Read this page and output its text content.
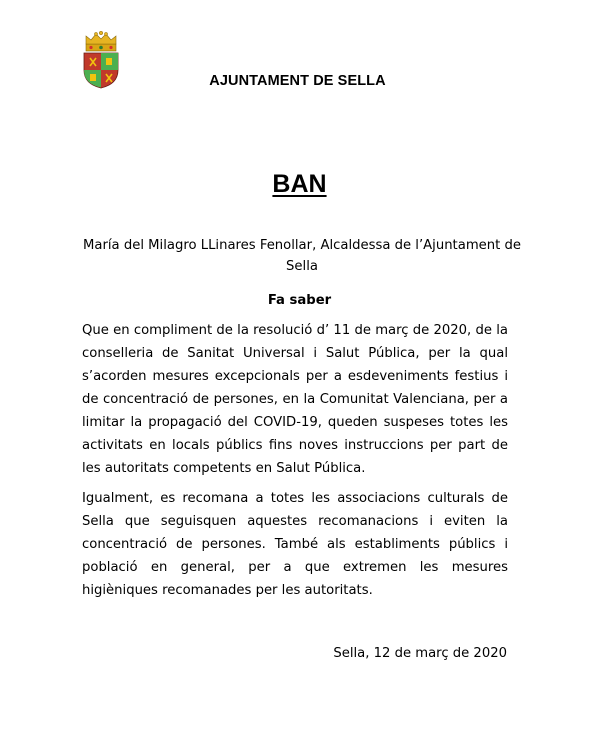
AJUNTAMENT DE SELLA
BAN
María del Milagro LLinares Fenollar, Alcaldessa de l’Ajuntament de Sella
Fa saber

Que en compliment de la resolució d’ 11 de març de 2020, de la conselleria de Sanitat Universal i Salut Pública, per la qual s’acorden mesures excepcionals per a esdeveniments festius i de concentració de persones, en la Comunitat Valenciana, per a limitar la propagació del COVID-19, queden suspeses totes les activitats en locals públics fins noves instruccions per part de les autoritats competents en Salut Pública.

Igualment, es recomana a totes les associacions culturals de Sella que seguisquen aquestes recomanacions i eviten la concentració de persones. També als establiments públics i població en general, per a que extremen les mesures higièniques recomanades per les autoritats.

Sella, 12 de març de 2020
